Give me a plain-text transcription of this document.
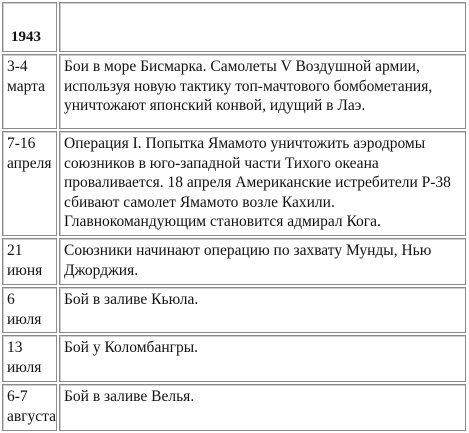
1943	

3-4 марта	Бои в море Бисмарка. Самолеты V Воздушной армии, используя новую тактику топ-мачтового бомбометания, уничтожают японский конвой, идущий в Лаэ.
7-16 апреля	Операция I. Попытка Ямамото уничтожить аэродромы союзников в юго-западной части Тихого океана проваливается. 18 апреля Американские истребители Р-38 сбивают самолет Ямамото возле Кахили. Главнокомандующим становится адмирал Кога.
21 июня	Союзники начинают операцию по захвату Мунды, Нью Джорджия.
6 июля	Бой в заливе Кьюла.
13 июля	Бой у Коломбангры.
6-7 августа	Бой в заливе Велья.
